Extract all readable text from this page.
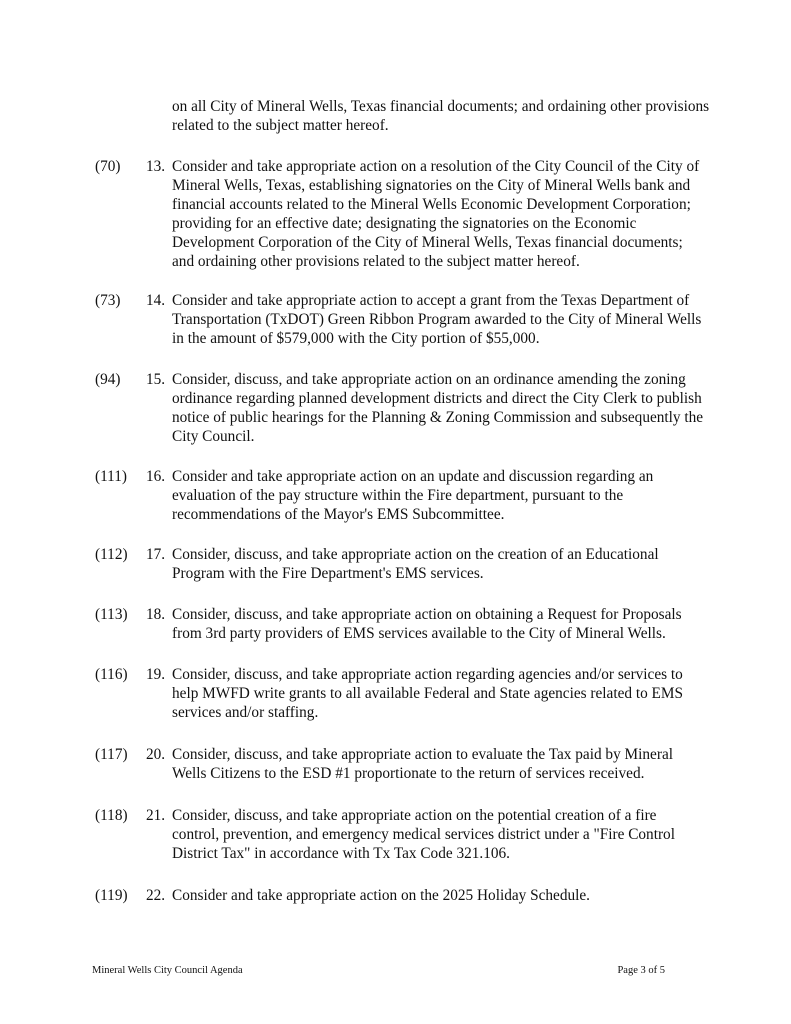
on all City of Mineral Wells, Texas financial documents; and ordaining other provisions related to the subject matter hereof.
(70) 13. Consider and take appropriate action on a resolution of the City Council of the City of Mineral Wells, Texas, establishing signatories on the City of Mineral Wells bank and financial accounts related to the Mineral Wells Economic Development Corporation; providing for an effective date; designating the signatories on the Economic Development Corporation of the City of Mineral Wells, Texas financial documents; and ordaining other provisions related to the subject matter hereof.
(73) 14. Consider and take appropriate action to accept a grant from the Texas Department of Transportation (TxDOT) Green Ribbon Program awarded to the City of Mineral Wells in the amount of $579,000 with the City portion of $55,000.
(94) 15. Consider, discuss, and take appropriate action on an ordinance amending the zoning ordinance regarding planned development districts and direct the City Clerk to publish notice of public hearings for the Planning & Zoning Commission and subsequently the City Council.
(111) 16. Consider and take appropriate action on an update and discussion regarding an evaluation of the pay structure within the Fire department, pursuant to the recommendations of the Mayor's EMS Subcommittee.
(112) 17. Consider, discuss, and take appropriate action on the creation of an Educational Program with the Fire Department's EMS services.
(113) 18. Consider, discuss, and take appropriate action on obtaining a Request for Proposals from 3rd party providers of EMS services available to the City of Mineral Wells.
(116) 19. Consider, discuss, and take appropriate action regarding agencies and/or services to help MWFD write grants to all available Federal and State agencies related to EMS services and/or staffing.
(117) 20. Consider, discuss, and take appropriate action to evaluate the Tax paid by Mineral Wells Citizens to the ESD #1 proportionate to the return of services received.
(118) 21. Consider, discuss, and take appropriate action on the potential creation of a fire control, prevention, and emergency medical services district under a "Fire Control District Tax" in accordance with Tx Tax Code 321.106.
(119) 22. Consider and take appropriate action on the 2025 Holiday Schedule.
Mineral Wells City Council Agenda	Page 3 of 5
